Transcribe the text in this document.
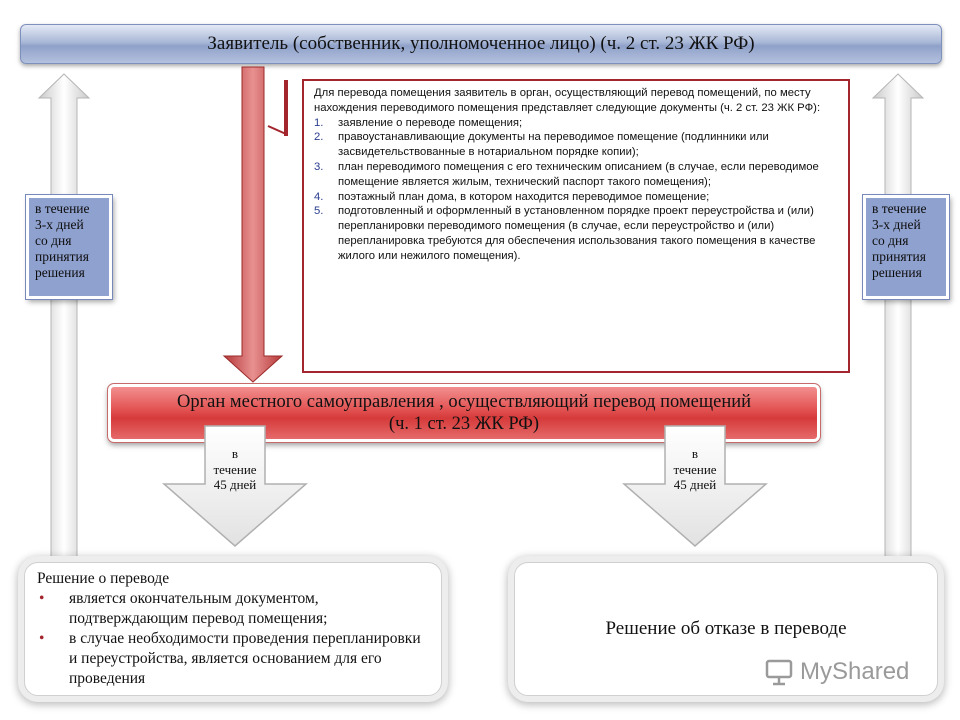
Заявитель (собственник, уполномоченное лицо) (ч. 2 ст. 23 ЖК РФ)
в течение
3-х дней
со дня
принятия
решения
в течение
3-х дней
со дня
принятия
решения
Для перевода помещения заявитель в орган, осуществляющий перевод помещений, по месту нахождения переводимого помещения представляет следующие документы (ч. 2 ст. 23 ЖК РФ):
1.	заявление о переводе помещения;
2.	правоустанавливающие документы на переводимое помещение (подлинники или засвидетельствованные в нотариальном порядке копии);
3.	план переводимого помещения с его техническим описанием (в случае, если переводимое помещение является жилым, технический паспорт такого помещения);
4.	поэтажный план дома, в котором находится переводимое помещение;
5.	подготовленный и оформленный в установленном порядке проект переустройства и (или) перепланировки переводимого помещения (в случае, если переустройство и (или) перепланировка требуются для обеспечения использования такого помещения в качестве жилого или нежилого помещения).
Орган местного самоуправления , осуществляющий перевод помещений
(ч. 1 ст. 23 ЖК РФ)
в
течение
45 дней
в
течение
45 дней
Решение о переводе
•	является окончательным документом, подтверждающим перевод помещения;
•	в случае необходимости проведения перепланировки и переустройства, является основанием для его проведения
Решение об отказе в переводе
MyShared
